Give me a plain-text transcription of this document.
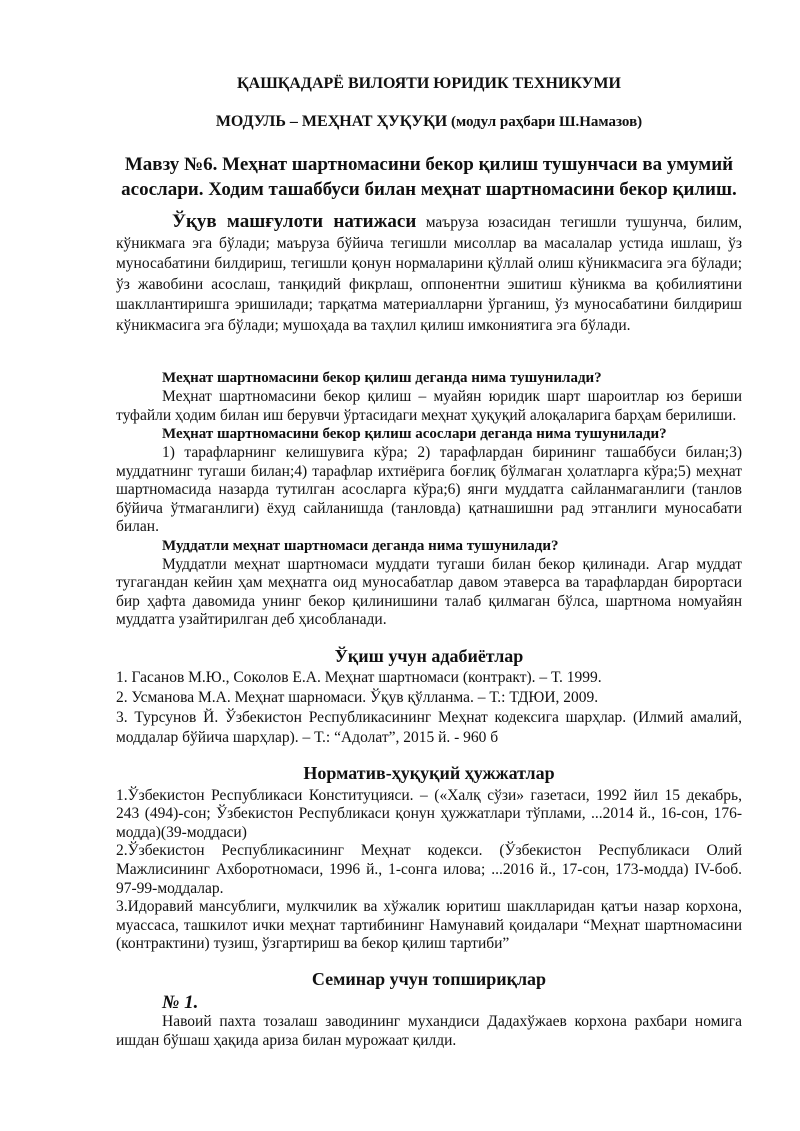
ҚАШҚАДАРЁ ВИЛОЯТИ ЮРИДИК ТЕХНИКУМИ
МОДУЛЬ – МЕҲНАТ ҲУҚУҚИ (модул раҳбари Ш.Намазов)

Мавзу №6. Меҳнат шартномасини бекор қилиш тушунчаси ва умумий

асослари. Ходим ташаббуси билан меҳнат шартномасини бекор қилиш.

Ўқув машғулоти натижаси маъруза юзасидан тегишли тушунча, билим, кўникмага эга бўлади; маъруза бўйича тегишли мисоллар ва масалалар устида ишлаш, ўз муносабатини билдириш, тегишли қонун нормаларини қўллай олиш кўникмасига эга бўлади; ўз жавобини асослаш, танқидий фикрлаш, оппонентни эшитиш кўникма ва қобилиятини шакллантиришга эришилади; тарқатма материалларни ўрганиш, ўз муносабатини билдириш кўникмасига эга бўлади; мушоҳада ва таҳлил қилиш имкониятига эга бўлади.

Меҳнат шартномасини бекор қилиш деганда нима тушунилади?

Меҳнат шартномасини бекор қилиш – муайян юридик шарт шароитлар юз бериши туфайли ҳодим билан иш берувчи ўртасидаги меҳнат ҳуқуқий алоқаларига барҳам берилиши.

Меҳнат шартномасини бекор қилиш асослари деганда нима тушунилади?

1) тарафларнинг келишувига кўра; 2) тарафлардан бирининг ташаббуси билан;3) муддатнинг тугаши билан;4) тарафлар ихтиёрига боғлиқ бўлмаган ҳолатларга кўра;5) меҳнат шартномасида назарда тутилган асосларга кўра;6) янги муддатга сайланмаганлиги (танлов бўйича ўтмаганлиги) ёхуд сайланишда (танловда) қатнашишни рад этганлиги муносабати билан.

Муддатли меҳнат шартномаси деганда нима тушунилади?

Муддатли меҳнат шартномаси муддати тугаши билан бекор қилинади. Агар муддат тугагандан кейин ҳам меҳнатга оид муносабатлар давом этаверса ва тарафлардан бирортаси бир ҳафта давомида унинг бекор қилинишини талаб қилмаган бўлса, шартнома номуайян муддатга узайтирилган деб ҳисобланади.

Ўқиш учун адабиётлар

1. Гасанов М.Ю., Соколов Е.А. Меҳнат шартномаси (контракт). – Т. 1999.

2. Усманова М.А. Меҳнат шарномаси. Ўқув қўлланма. – Т.: ТДЮИ, 2009.

3. Турсунов Й. Ўзбекистон Республикасининг Меҳнат кодексига шарҳлар. (Илмий амалий, моддалар бўйича шарҳлар). – Т.: “Адолат”, 2015 й. - 960 б

Норматив-ҳуқуқий ҳужжатлар

1.Ўзбекистон Республикаси Конституцияси. – («Халқ сўзи» газетаси, 1992 йил 15 декабрь, 243 (494)-сон; Ўзбекистон Республикаси қонун ҳужжатлари тўплами, ...2014 й., 16-сон, 176-модда)(39-моддаси)

2.Ўзбекистон Республикасининг Меҳнат кодекси. (Ўзбекистон Республикаси Олий Мажлисининг Ахборотномаси, 1996 й., 1-сонга илова; ...2016 й., 17-сон, 173-модда) IV-боб. 97-99-моддалар.

3.Идоравий мансублиги, мулкчилик ва хўжалик юритиш шаклларидан қатъи назар корхона, муассаса, ташкилот ички меҳнат тартибининг Намунавий қоидалари “Меҳнат шартномасини (контрактини) тузиш, ўзгартириш ва бекор қилиш тартиби”

Семинар учун топшириқлар

№ 1.

Навоий пахта тозалаш заводининг мухандиси Дадахўжаев корхона рахбари номига ишдан бўшаш ҳақида ариза билан мурожаат қилди.
